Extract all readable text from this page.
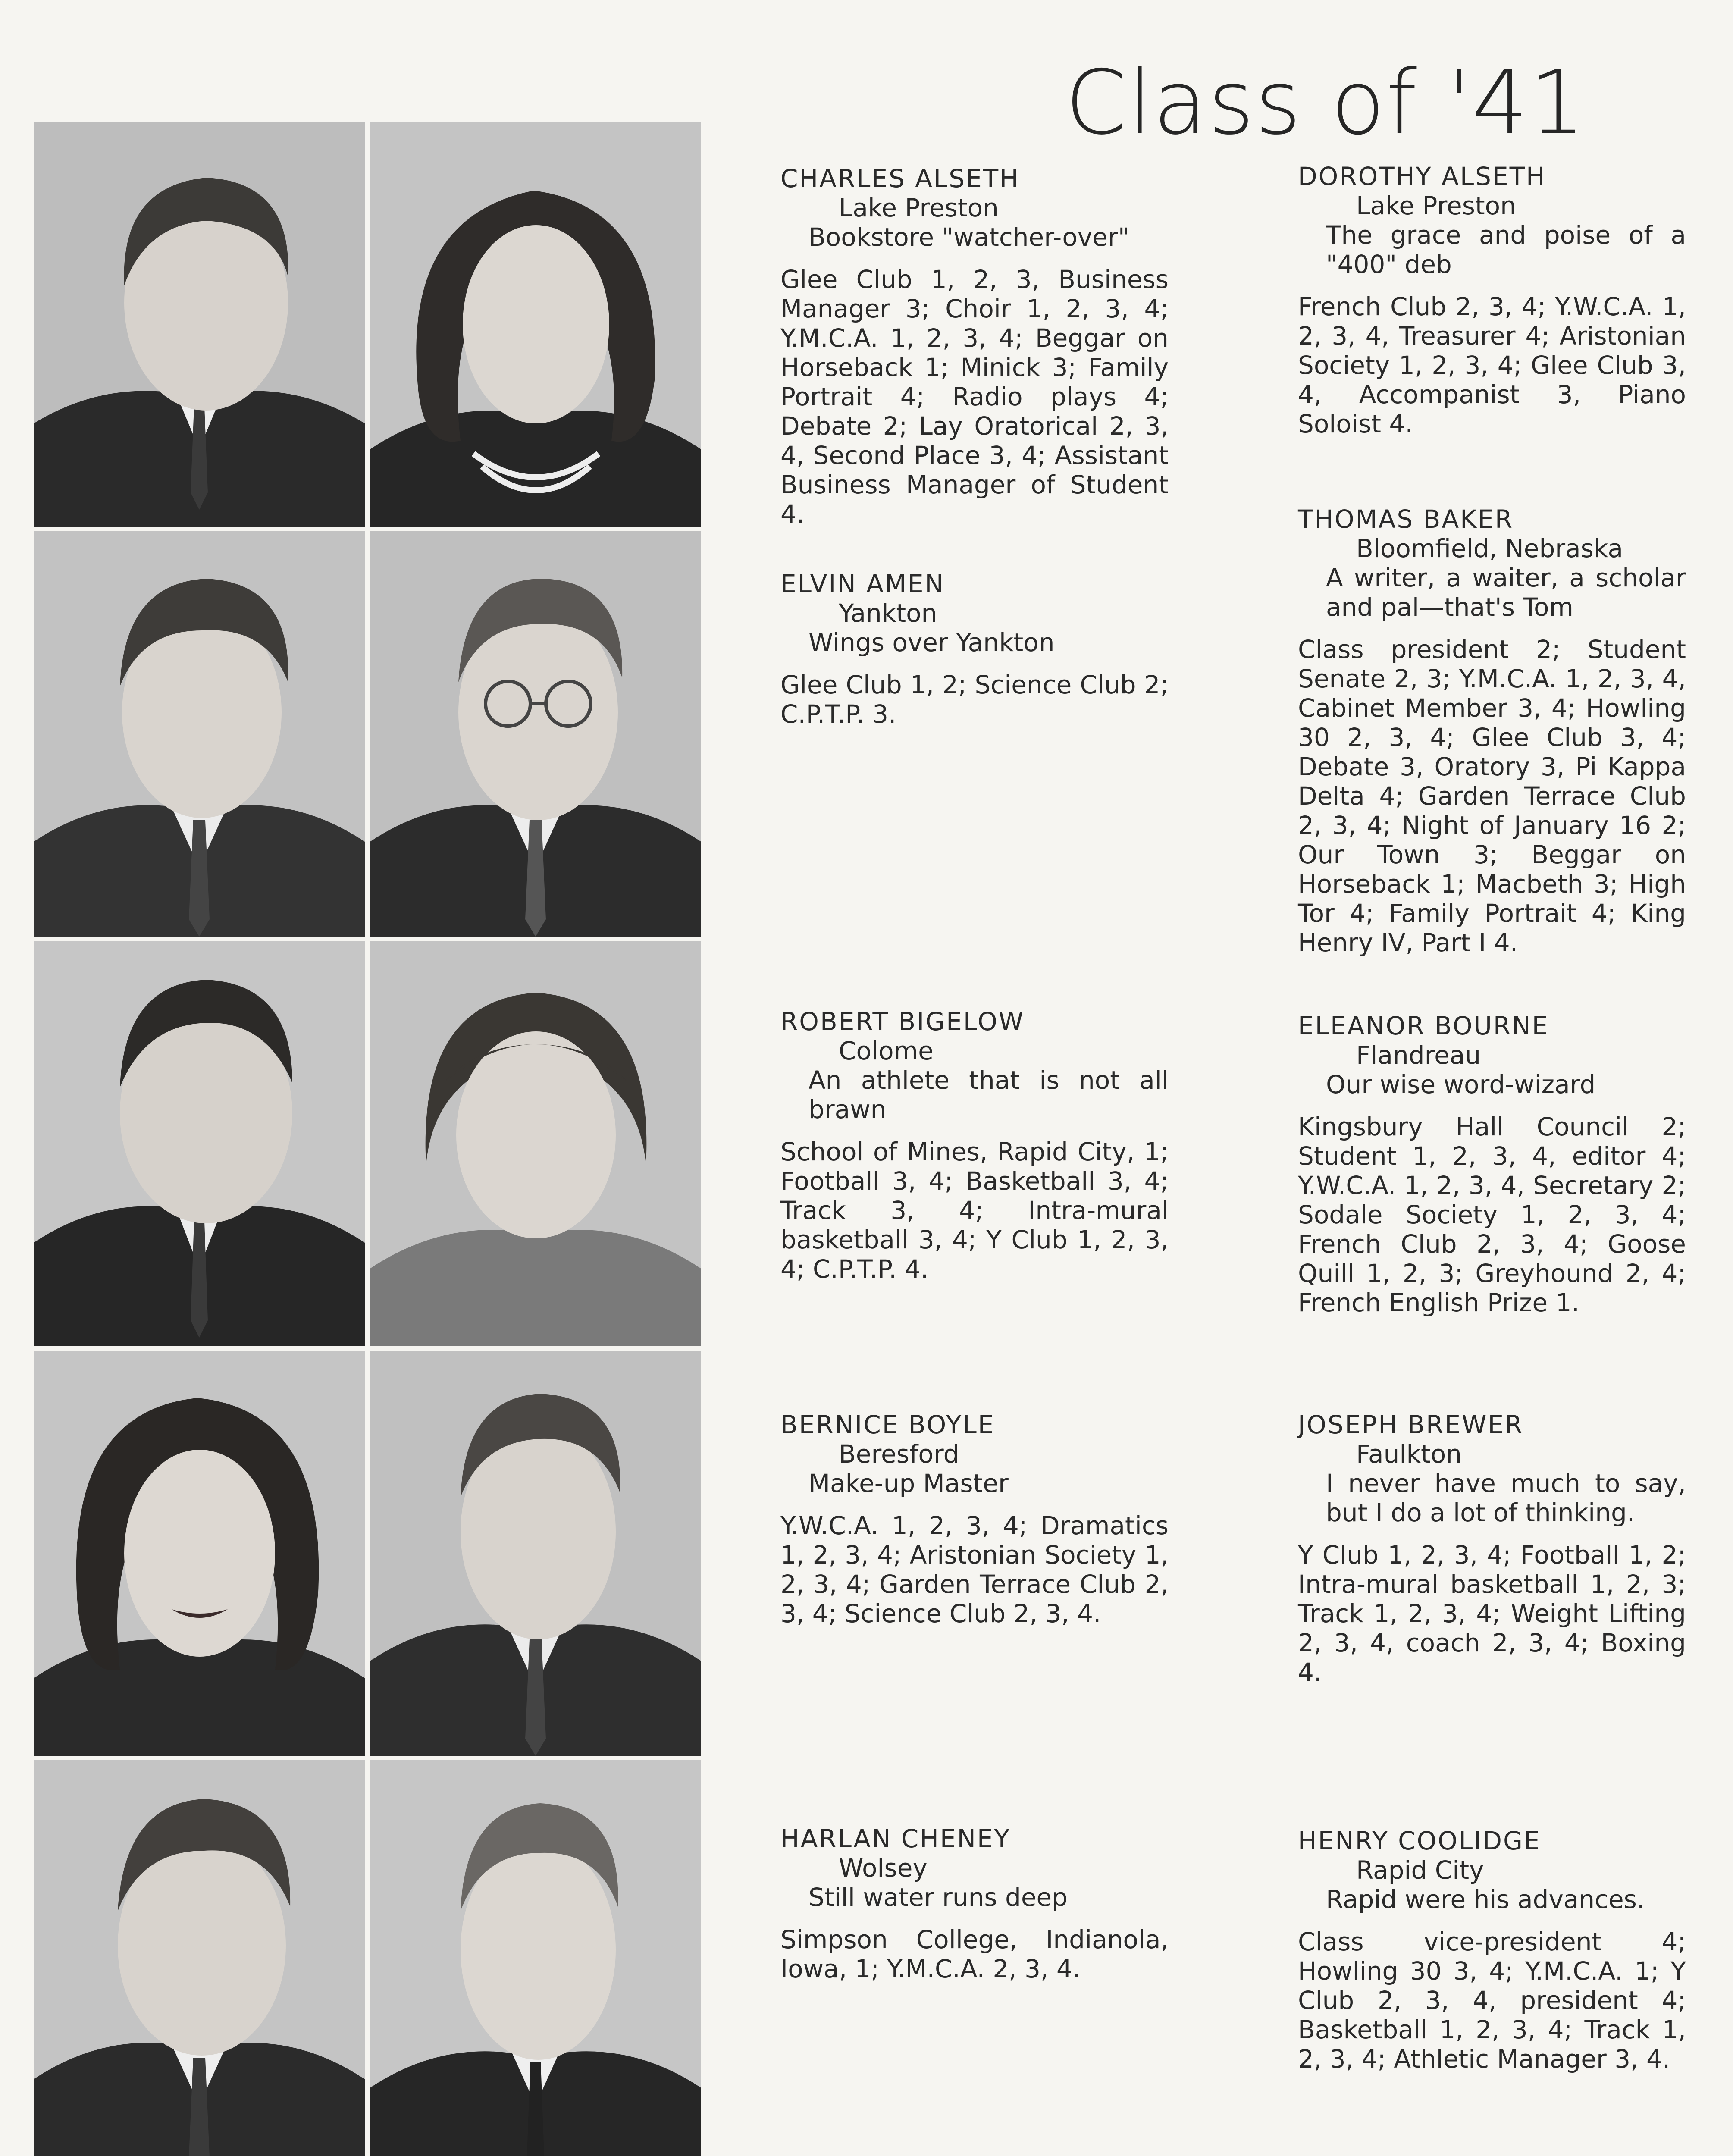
Class of '41
CHARLES ALSETH
Lake Preston
Bookstore "watcher-over"
Glee Club 1, 2, 3, Business Manager 3; Choir 1, 2, 3, 4; Y.M.C.A. 1, 2, 3, 4; Beggar on Horseback 1; Minick 3; Family Portrait 4; Radio plays 4; Debate 2; Lay Oratorical 2, 3, 4, Second Place 3, 4; Assistant Business Manager of Student 4.
ELVIN AMEN
Yankton
Wings over Yankton
Glee Club 1, 2; Science Club 2; C.P.T.P. 3.
ROBERT BIGELOW
Colome
An athlete that is not all brawn
School of Mines, Rapid City, 1; Football 3, 4; Basketball 3, 4; Track 3, 4; Intra-mural basketball 3, 4; Y Club 1, 2, 3, 4; C.P.T.P. 4.
BERNICE BOYLE
Beresford
Make-up Master
Y.W.C.A. 1, 2, 3, 4; Dramatics 1, 2, 3, 4; Aristonian Society 1, 2, 3, 4; Garden Terrace Club 2, 3, 4; Science Club 2, 3, 4.
HARLAN CHENEY
Wolsey
Still water runs deep
Simpson College, Indianola, Iowa, 1; Y.M.C.A. 2, 3, 4.
DOROTHY ALSETH
Lake Preston
The grace and poise of a "400" deb
French Club 2, 3, 4; Y.W.C.A. 1, 2, 3, 4, Treasurer 4; Aristonian Society 1, 2, 3, 4; Glee Club 3, 4, Accompanist 3, Piano Soloist 4.
THOMAS BAKER
Bloomfield, Nebraska
A writer, a waiter, a scholar and pal—that's Tom
Class president 2; Student Senate 2, 3; Y.M.C.A. 1, 2, 3, 4, Cabinet Member 3, 4; Howling 30 2, 3, 4; Glee Club 3, 4; Debate 3, Oratory 3, Pi Kappa Delta 4; Garden Terrace Club 2, 3, 4; Night of January 16 2; Our Town 3; Beggar on Horseback 1; Macbeth 3; High Tor 4; Family Portrait 4; King Henry IV, Part I 4.
ELEANOR BOURNE
Flandreau
Our wise word-wizard
Kingsbury Hall Council 2; Student 1, 2, 3, 4, editor 4; Y.W.C.A. 1, 2, 3, 4, Secretary 2; Sodale Society 1, 2, 3, 4; French Club 2, 3, 4; Goose Quill 1, 2, 3; Greyhound 2, 4; French English Prize 1.
JOSEPH BREWER
Faulkton
I never have much to say, but I do a lot of thinking.
Y Club 1, 2, 3, 4; Football 1, 2; Intra-mural basketball 1, 2, 3; Track 1, 2, 3, 4; Weight Lifting 2, 3, 4, coach 2, 3, 4; Boxing 4.
HENRY COOLIDGE
Rapid City
Rapid were his advances.
Class vice-president 4; Howling 30 3, 4; Y.M.C.A. 1; Y Club 2, 3, 4, president 4; Basketball 1, 2, 3, 4; Track 1, 2, 3, 4; Athletic Manager 3, 4.
